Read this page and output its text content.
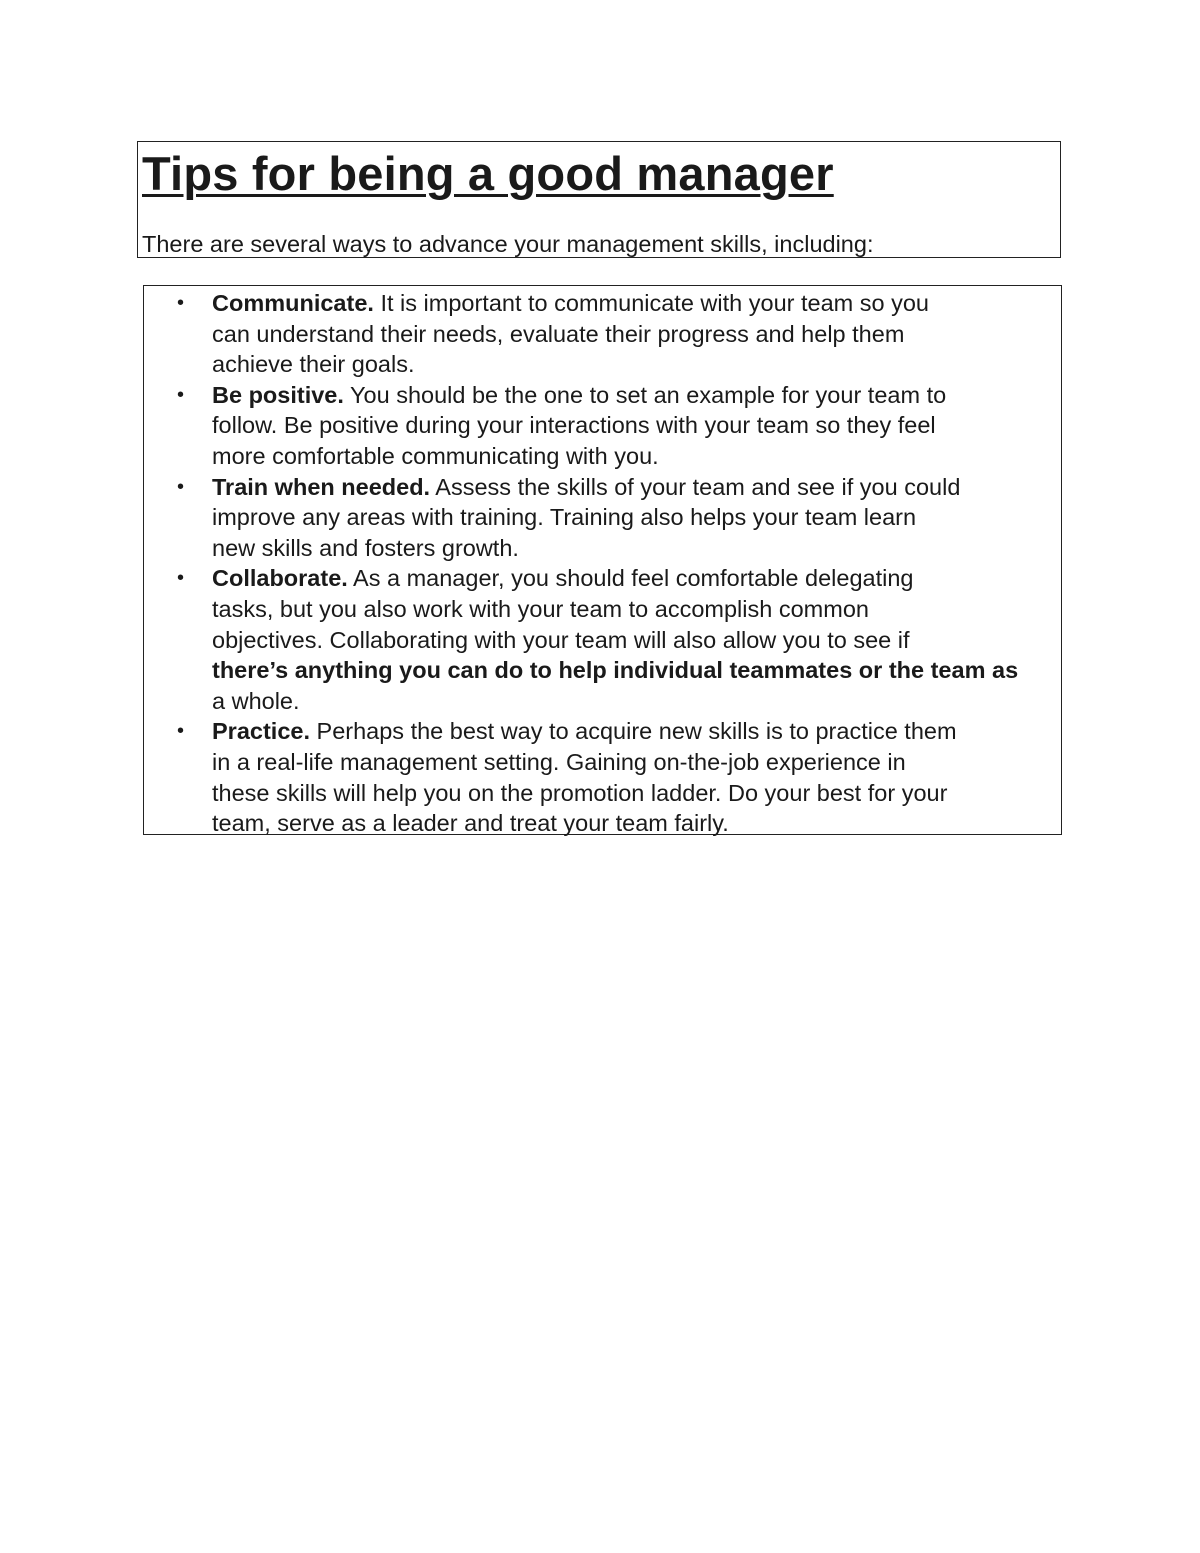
Tips for being a good manager

There are several ways to advance your management skills, including:

• Communicate. It is important to communicate with your team so you
can understand their needs, evaluate their progress and help them
achieve their goals.
• Be positive. You should be the one to set an example for your team to
follow. Be positive during your interactions with your team so they feel
more comfortable communicating with you.
• Train when needed. Assess the skills of your team and see if you could
improve any areas with training. Training also helps your team learn
new skills and fosters growth.
• Collaborate. As a manager, you should feel comfortable delegating
tasks, but you also work with your team to accomplish common
objectives. Collaborating with your team will also allow you to see if
there’s anything you can do to help individual teammates or the team as
a whole.
• Practice. Perhaps the best way to acquire new skills is to practice them
in a real-life management setting. Gaining on-the-job experience in
these skills will help you on the promotion ladder. Do your best for your
team, serve as a leader and treat your team fairly.
